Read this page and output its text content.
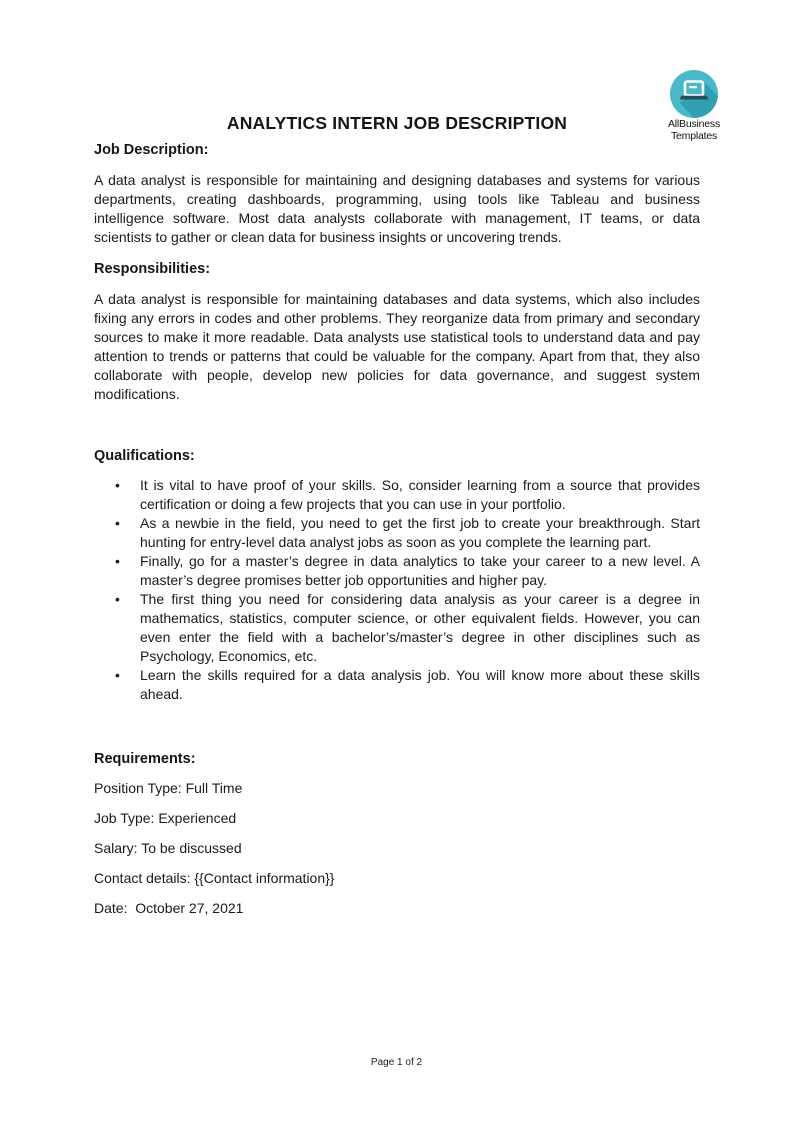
AllBusiness
Templates
ANALYTICS INTERN JOB DESCRIPTION
Job Description:

A data analyst is responsible for maintaining and designing databases and systems for various departments, creating dashboards, programming, using tools like Tableau and business intelligence software. Most data analysts collaborate with management, IT teams, or data scientists to gather or clean data for business insights or uncovering trends.

Responsibilities:

A data analyst is responsible for maintaining databases and data systems, which also includes fixing any errors in codes and other problems. They reorganize data from primary and secondary sources to make it more readable. Data analysts use statistical tools to understand data and pay attention to trends or patterns that could be valuable for the company. Apart from that, they also collaborate with people, develop new policies for data governance, and suggest system modifications.

Qualifications:
• It is vital to have proof of your skills. So, consider learning from a source that provides certification or doing a few projects that you can use in your portfolio.
• As a newbie in the field, you need to get the first job to create your breakthrough. Start hunting for entry-level data analyst jobs as soon as you complete the learning part.
• Finally, go for a master’s degree in data analytics to take your career to a new level. A master’s degree promises better job opportunities and higher pay.
• The first thing you need for considering data analysis as your career is a degree in mathematics, statistics, computer science, or other equivalent fields. However, you can even enter the field with a bachelor’s/master’s degree in other disciplines such as Psychology, Economics, etc.
• Learn the skills required for a data analysis job. You will know more about these skills ahead.
Requirements:

Position Type: Full Time

Job Type: Experienced

Salary: To be discussed

Contact details: {{Contact information}}

Date:  October 27, 2021

Page 1 of 2
